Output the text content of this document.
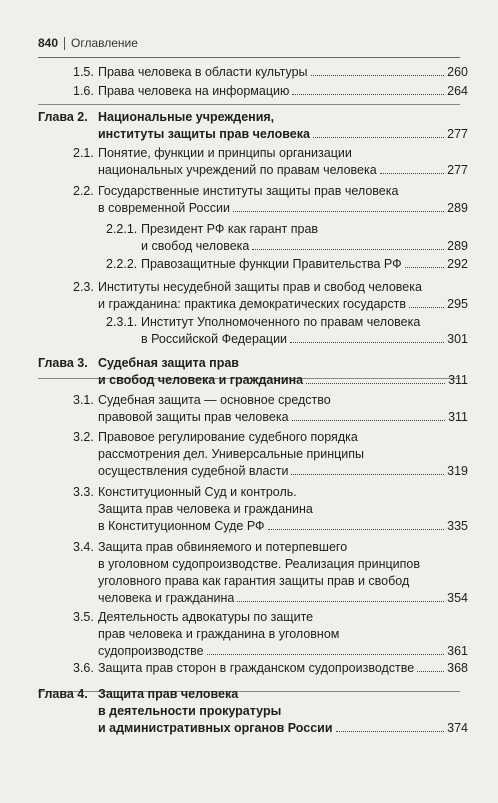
840 Оглавление
1.5. Права человека в области культуры	260
1.6. Права человека на информацию	264
Глава 2. Национальные учреждения,
институты защиты прав человека	277
2.1. Понятие, функции и принципы организации
национальных учреждений по правам человека	277
2.2. Государственные институты защиты прав человека
в современной России	289
2.2.1. Президент РФ как гарант прав
и свобод человека	289
2.2.2. Правозащитные функции Правительства РФ	292
2.3. Институты несудебной защиты прав и свобод человека
и гражданина: практика демократических государств	295
2.3.1. Институт Уполномоченного по правам человека
в Российской Федерации	301
Глава 3. Судебная защита прав
и свобод человека и гражданина	311
3.1. Судебная защита — основное средство
правовой защиты прав человека	311
3.2. Правовое регулирование судебного порядка
рассмотрения дел. Универсальные принципы
осуществления судебной власти	319
3.3. Конституционный Суд и контроль.
Защита прав человека и гражданина
в Конституционном Суде РФ	335
3.4. Защита прав обвиняемого и потерпевшего
в уголовном судопроизводстве. Реализация принципов
уголовного права как гарантия защиты прав и свобод
человека и гражданина	354
3.5. Деятельность адвокатуры по защите
прав человека и гражданина в уголовном
судопроизводстве	361
3.6. Защита прав сторон в гражданском судопроизводстве	368
Глава 4. Защита прав человека
в деятельности прокуратуры
и административных органов России	374
